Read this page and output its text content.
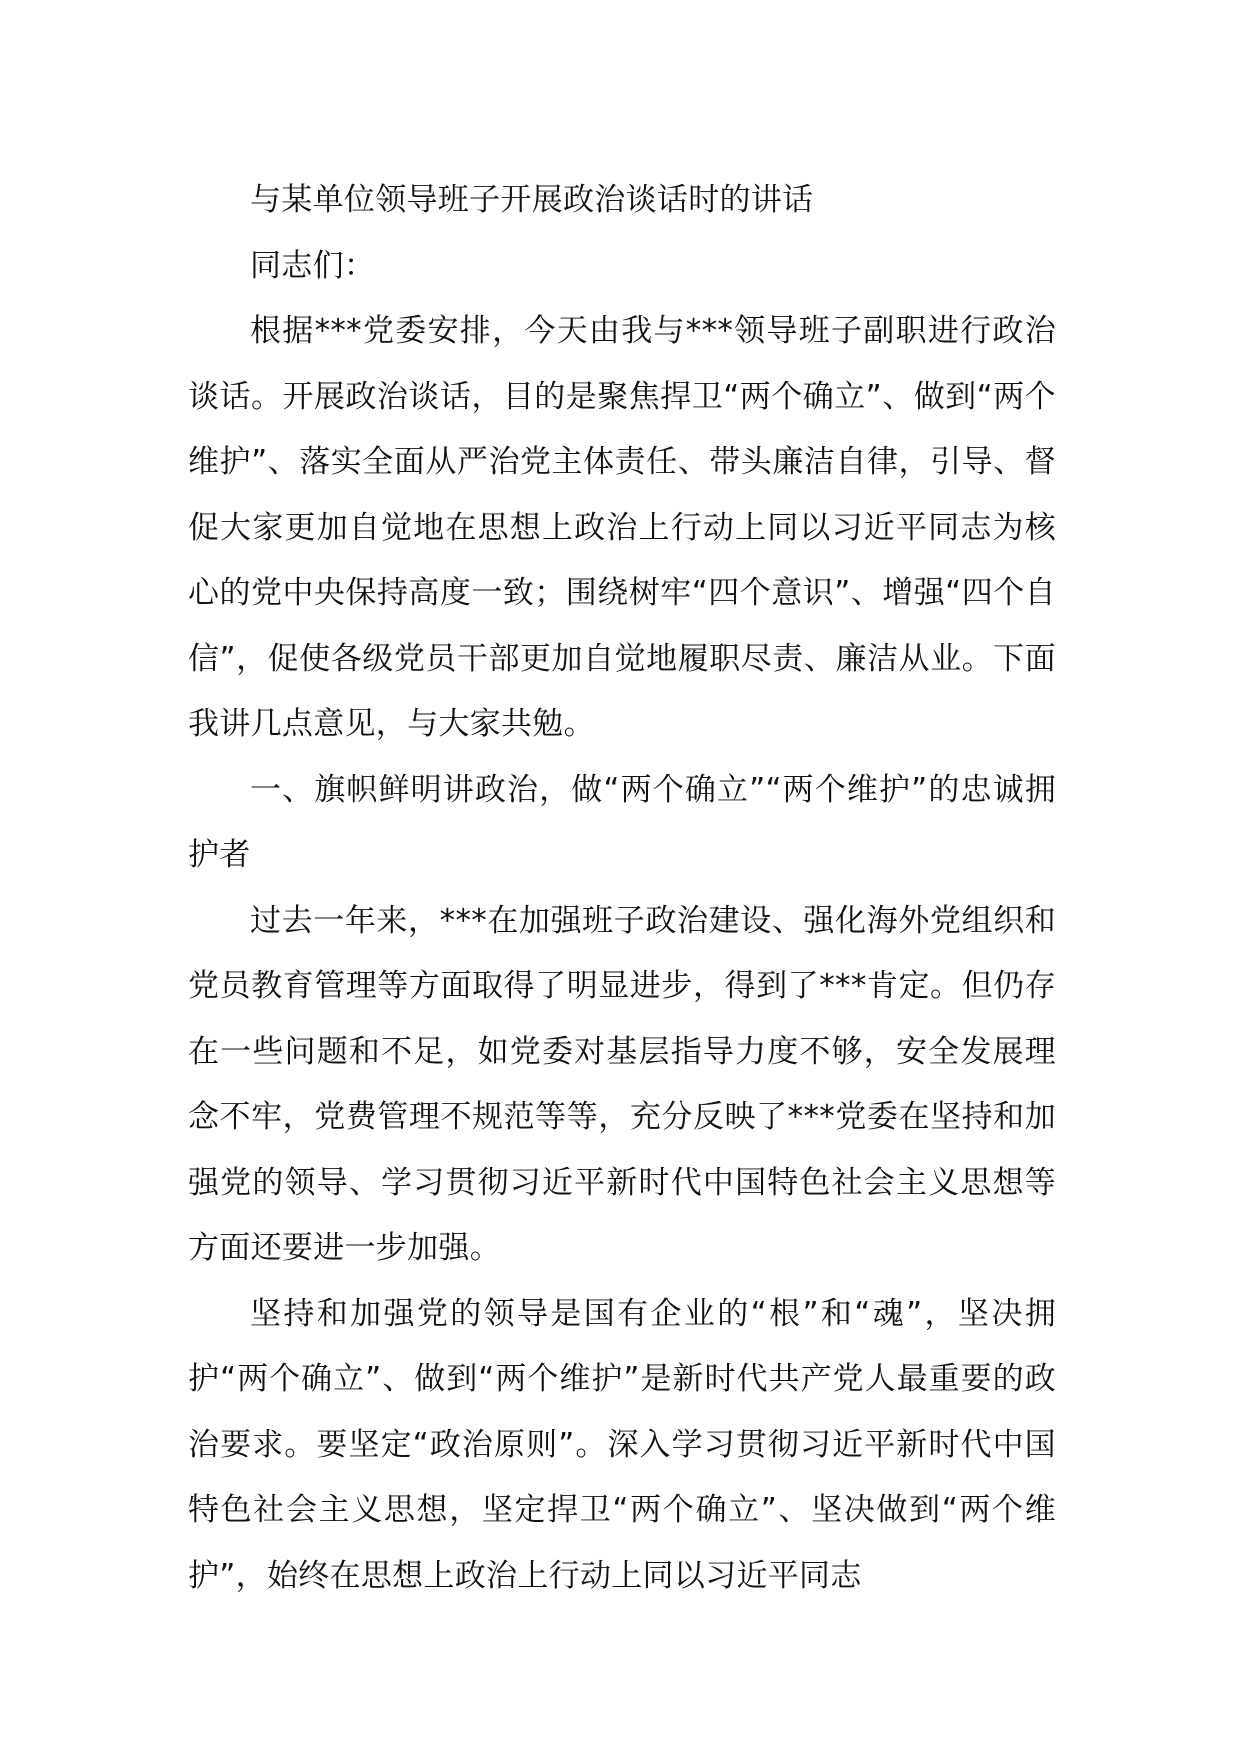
与某单位领导班子开展政治谈话时的讲话

同志们：

根据***党委安排，今天由我与***领导班子副职进行政治谈话。开展政治谈话，目的是聚焦捍卫“两个确立”、做到“两个维护”、落实全面从严治党主体责任、带头廉洁自律，引导、督促大家更加自觉地在思想上政治上行动上同以习近平同志为核心的党中央保持高度一致；围绕树牢“四个意识”、增强“四个自信”，促使各级党员干部更加自觉地履职尽责、廉洁从业。下面我讲几点意见，与大家共勉。

一、旗帜鲜明讲政治，做“两个确立”“两个维护”的忠诚拥护者

过去一年来，***在加强班子政治建设、强化海外党组织和党员教育管理等方面取得了明显进步，得到了***肯定。但仍存在一些问题和不足，如党委对基层指导力度不够，安全发展理念不牢，党费管理不规范等等，充分反映了***党委在坚持和加强党的领导、学习贯彻习近平新时代中国特色社会主义思想等方面还要进一步加强。

坚持和加强党的领导是国有企业的“根”和“魂”，坚决拥护“两个确立”、做到“两个维护”是新时代共产党人最重要的政治要求。要坚定“政治原则”。深入学习贯彻习近平新时代中国特色社会主义思想，坚定捍卫“两个确立”、坚决做到“两个维护”，始终在思想上政治上行动上同以习近平同志
